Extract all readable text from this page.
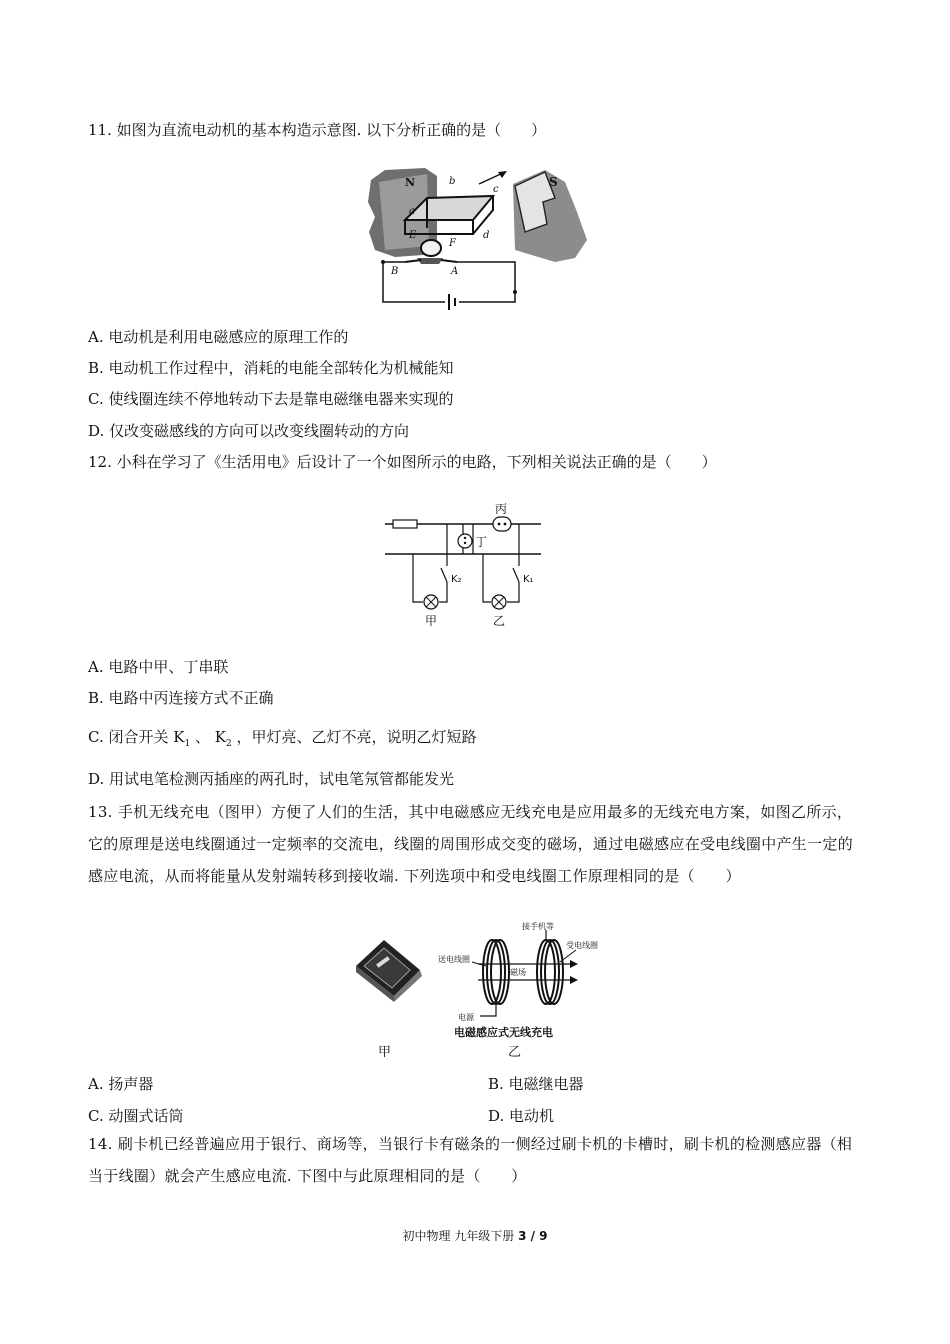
11. 如图为直流电动机的基本构造示意图. 以下分析正确的是（　　）
N	S
a
b
c
d
E
F
B	A
A. 电动机是利用电磁感应的原理工作的
B. 电动机工作过程中，消耗的电能全部转化为机械能知
C. 使线圈连续不停地转动下去是靠电磁继电器来实现的
D. 仅改变磁感线的方向可以改变线圈转动的方向
12. 小科在学习了《生活用电》后设计了一个如图所示的电路，下列相关说法正确的是（　　）
丙
丁
K₂
甲
K₁
乙
A. 电路中甲、丁串联
B. 电路中丙连接方式不正确
C. 闭合开关 $K_1$ 、 $K_2$ ，甲灯亮、乙灯不亮，说明乙灯短路
D. 用试电笔检测丙插座的两孔时，试电笔氖管都能发光
13. 手机无线充电（图甲）方便了人们的生活，其中电磁感应无线充电是应用最多的无线充电方案，如图乙所示，它的原理是送电线圈通过一定频率的交流电，线圈的周围形成交变的磁场，通过电磁感应在受电线圈中产生一定的感应电流，从而将能量从发射端转移到接收端. 下列选项中和受电线圈工作原理相同的是（　　）
甲
接手机等
送电线圈
磁场
受电线圈
电源
电磁感应式无线充电
乙
A. 扬声器	B. 电磁继电器
C. 动圈式话筒	D. 电动机
14. 刷卡机已经普遍应用于银行、商场等，当银行卡有磁条的一侧经过刷卡机的卡槽时，刷卡机的检测感应器（相当于线圈）就会产生感应电流. 下图中与此原理相同的是（　　）
初中物理 九年级下册 3 / 9
